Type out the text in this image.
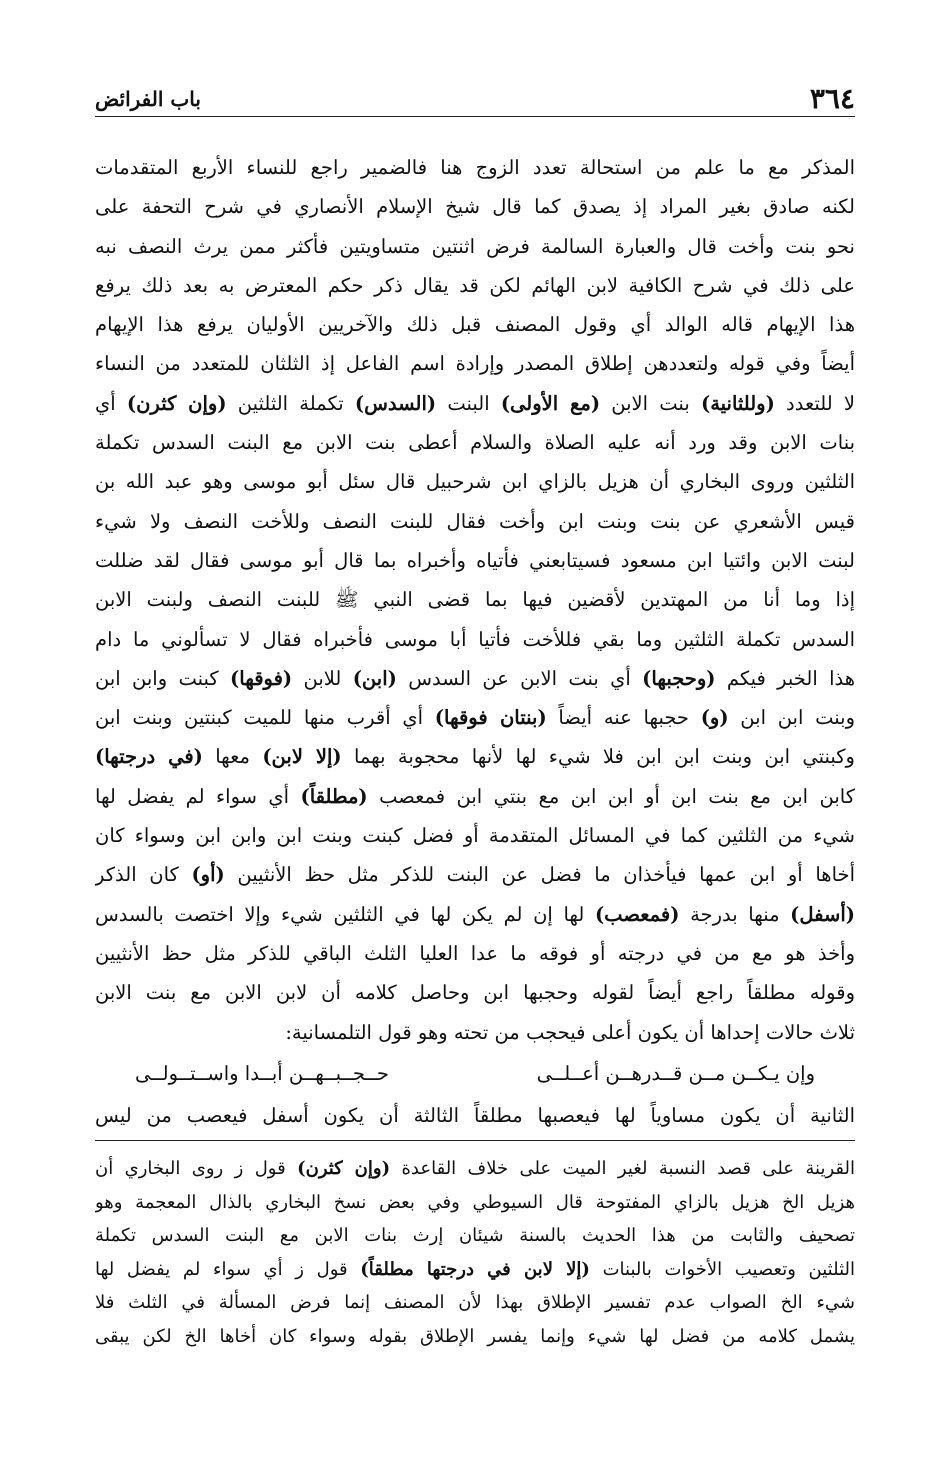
٣٦٤
باب الفرائض
المذكر مع ما علم من استحالة تعدد الزوج هنا فالضمير راجع للنساء الأربع المتقدمات
لكنه صادق بغير المراد إذ يصدق كما قال شيخ الإسلام الأنصاري في شرح التحفة على
نحو بنت وأخت قال والعبارة السالمة فرض اثنتين متساويتين فأكثر ممن يرث النصف نبه
على ذلك في شرح الكافية لابن الهائم لكن قد يقال ذكر حكم المعترض به بعد ذلك يرفع
هذا الإيهام قاله الوالد أي وقول المصنف قبل ذلك والآخريين الأوليان يرفع هذا الإيهام
أيضاً وفي قوله ولتعددهن إطلاق المصدر وإرادة اسم الفاعل إذ الثلثان للمتعدد من النساء
لا للتعدد (وللثانية) بنت الابن (مع الأولى) البنت (السدس) تكملة الثلثين (وإن كثرن) أي
بنات الابن وقد ورد أنه عليه الصلاة والسلام أعطى بنت الابن مع البنت السدس تكملة
الثلثين وروى البخاري أن هزيل بالزاي ابن شرحبيل قال سئل أبو موسى وهو عبد الله بن
قيس الأشعري عن بنت وبنت ابن وأخت فقال للبنت النصف وللأخت النصف ولا شيء
لبنت الابن وائتيا ابن مسعود فسيتابعني فأتياه وأخبراه بما قال أبو موسى فقال لقد ضللت
إذا وما أنا من المهتدين لأقضين فيها بما قضى النبي ﷺ للبنت النصف ولبنت الابن
السدس تكملة الثلثين وما بقي فللأخت فأتيا أبا موسى فأخبراه فقال لا تسألوني ما دام
هذا الخبر فيكم (وحجبها) أي بنت الابن عن السدس (ابن) للابن (فوقها) كبنت وابن ابن
وبنت ابن ابن (و) حجبها عنه أيضاً (بنتان فوقها) أي أقرب منها للميت كبنتين وبنت ابن
وكبنتي ابن وبنت ابن ابن فلا شيء لها لأنها محجوبة بهما (إلا لابن) معها (في درجتها)
كابن ابن مع بنت ابن أو ابن ابن مع بنتي ابن فمعصب (مطلقاً) أي سواء لم يفضل لها
شيء من الثلثين كما في المسائل المتقدمة أو فضل كبنت وبنت ابن وابن ابن وسواء كان
أخاها أو ابن عمها فيأخذان ما فضل عن البنت للذكر مثل حظ الأنثيين (أو) كان الذكر
(أسفل) منها بدرجة (فمعصب) لها إن لم يكن لها في الثلثين شيء وإلا اختصت بالسدس
وأخذ هو مع من في درجته أو فوقه ما عدا العليا الثلث الباقي للذكر مثل حظ الأنثيين
وقوله مطلقاً راجع أيضاً لقوله وحجبها ابن وحاصل كلامه أن لابن الابن مع بنت الابن
ثلاث حالات إحداها أن يكون أعلى فيحجب من تحته وهو قول التلمسانية:
وإن يـكــن مــن قــدرهــن أعــلــى
حــجــبــهــن أبــدا واســتــولــى
الثانية أن يكون مساوياً لها فيعصبها مطلقاً الثالثة أن يكون أسفل فيعصب من ليس
القرينة على قصد النسبة لغير الميت على خلاف القاعدة (وإن كثرن) قول ز روى البخاري أن
هزيل الخ هزيل بالزاي المفتوحة قال السيوطي وفي بعض نسخ البخاري بالذال المعجمة وهو
تصحيف والثابت من هذا الحديث بالسنة شيئان إرث بنات الابن مع البنت السدس تكملة
الثلثين وتعصيب الأخوات بالبنات (إلا لابن في درجتها مطلقاً) قول ز أي سواء لم يفضل لها
شيء الخ الصواب عدم تفسير الإطلاق بهذا لأن المصنف إنما فرض المسألة في الثلث فلا
يشمل كلامه من فضل لها شيء وإنما يفسر الإطلاق بقوله وسواء كان أخاها الخ لكن يبقى
